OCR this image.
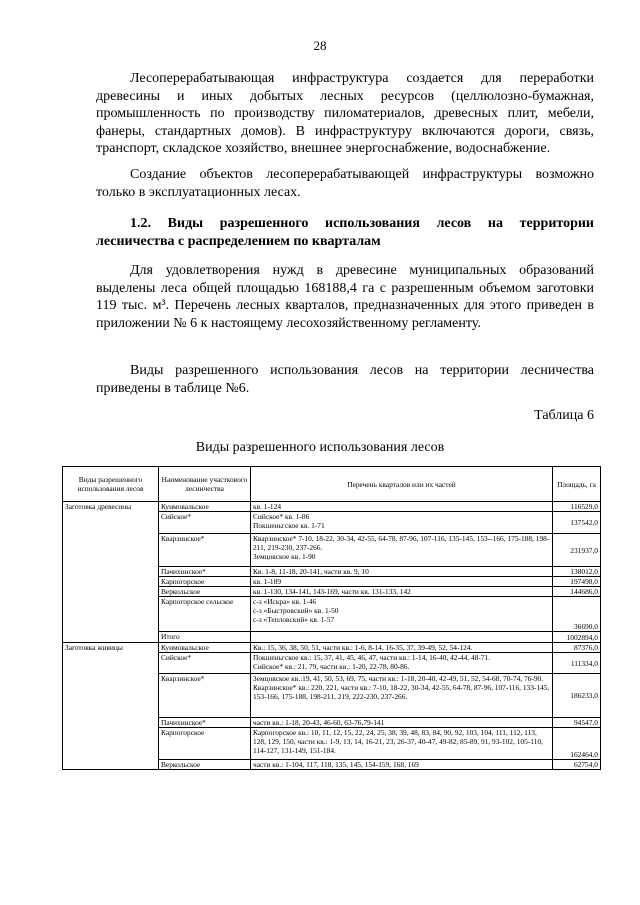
28

Лесоперерабатывающая инфраструктура создается для переработки древесины и иных добытых лесных ресурсов (целлюлозно-бумажная, промышленность по производству пиломатериалов, древесных плит, мебели, фанеры, стандартных домов). В инфраструктуру включаются дороги, связь, транспорт, складское хозяйство, внешнее энергоснабжение, водоснабжение.

Создание объектов лесоперерабатывающей инфраструктуры возможно только в эксплуатационных лесах.

1.2. Виды разрешенного использования лесов на территории лесничества с распределением по кварталам

Для удовлетворения нужд в древесине муниципальных образований выделены леса общей площадью 168188,4 га с разрешенным объемом заготовки 119 тыс. м³. Перечень лесных кварталов, предназначенных для этого приведен в приложении № 6 к настоящему лесохозяйственному регламенту.

Виды разрешенного использования лесов на территории лесничества приведены в таблице №6.

Таблица 6
Виды разрешенного использования лесов
Виды разрешенного использования лесов	Наименование участкового лесничества	Перечень кварталов или их частей	Площадь, га
Заготовка древесины	Куимовальское	кв. 1-124	116529,0
	Сийское*	Сийское* кв. 1-86
Покшеньгское кв. 1-71	137542,0
	Кварзинское*	Кварзинское* 7-10, 18-22, 30-34, 42-55, 64-78, 87-96, 107-116, 135-145, 153--166, 175-188, 198-211, 219-230, 237-266.
Земцовское кв. 1-90	231937,0
	Пачихинское*	Кв. 1-8, 11-18, 20-141, части кв. 9, 10	138012,0
	Карпогорское	кв. 1-189	197498,0
	Веркольское	кв. 1-130, 134-141, 143-169, части кв. 131-133, 142	144686,0
	Карпогорское сельское	с-з «Искра» кв. 1-46
с-з «Быстровский» кв. 1-50
с-з «Тепловский» кв. 1-57	36690,0
	Итого		1002894,0
Заготовка живицы	Куимовальское	Кв.: 15, 36, 38, 50, 51, части кв.: 1-6, 8-14, 16-35, 37, 39-49, 52, 54-124.	87376,0
	Сийское*	Покшеньгское кв.: 15, 37, 41, 45, 46, 47, части кв.: 1-14, 16-40, 42-44, 48-71.
Сийское* кв.: 21, 79, части кв.: 1-20, 22-78, 80-86.	111334,0
	Кварзинское*	Земцовское кв.:19, 41, 50, 53, 69, 75, части кв.: 1-18, 20-40, 42-49, 51, 52, 54-68, 70-74, 76-90.
Кварзинское* кв.: 220, 221, части кв.: 7-10, 18-22, 30-34, 42-55, 64-78, 87-96, 107-116, 133-145, 153-166, 175-188, 198-211, 219, 222-230, 237-266.	186233,0
	Пачихинское*	части кв.: 1-18, 20-43, 46-60, 63-76,79-141	94547,0
	Карпогорское	Карпогорское кв.: 10, 11, 12, 15, 22, 24, 25, 38, 39, 48, 83, 84, 90, 92, 103, 104, 111, 112, 113, 128, 129, 150, части кв.: 1-9, 13, 14, 16-21, 23, 26-37, 40-47, 49-82, 85-89, 91, 93-102, 105-110, 114-127, 131-149, 151-184.	162464,0
	Веркольское	части кв.: 1-104, 117, 118, 135, 145, 154-159, 168, 169	62754,0
